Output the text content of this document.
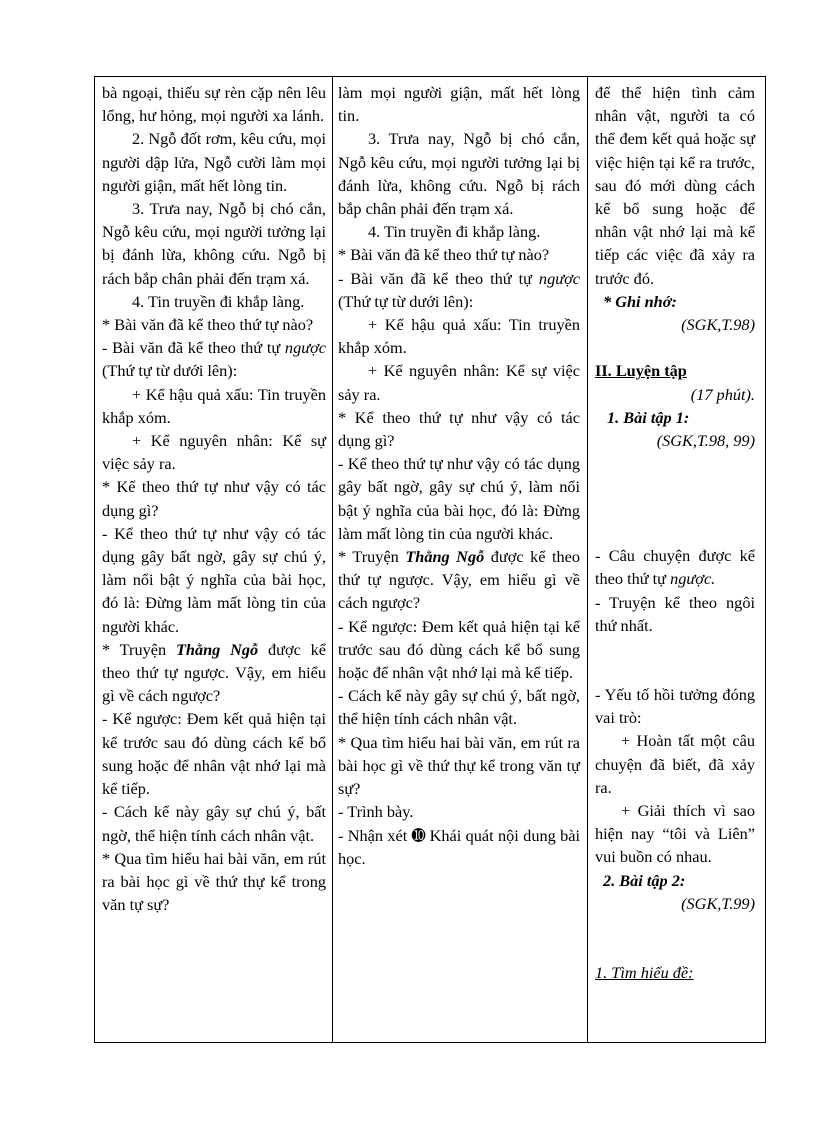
bà ngoại, thiếu sự rèn cặp nên lêu lổng, hư hỏng, mọi người xa lánh.

2. Ngỗ đốt rơm, kêu cứu, mọi người dập lửa, Ngỗ cười làm mọi người giận, mất hết lòng tin.

3. Trưa nay, Ngỗ bị chó cắn, Ngỗ kêu cứu, mọi người tưởng lại bị đánh lừa, không cứu. Ngỗ bị rách bắp chân phải đến trạm xá.

4. Tin truyền đi khắp làng.

* Bài văn đã kể theo thứ tự nào?

- Bài văn đã kể theo thứ tự ngược (Thứ tự từ dưới lên):

+ Kể hậu quả xấu: Tin truyền khắp xóm.

+ Kể nguyên nhân: Kể sự việc sảy ra.

* Kể theo thứ tự như vậy có tác dụng gì?

- Kể theo thứ tự như vậy có tác dụng gây bất ngờ, gây sự chú ý, làm nổi bật ý nghĩa của bài học, đó là: Đừng làm mất lòng tin của người khác.

* Truyện Thằng Ngỗ được kể theo thứ tự ngược. Vậy, em hiểu gì về cách ngược?

- Kể ngược: Đem kết quả hiện tại kể trước sau đó dùng cách kể bổ sung hoặc để nhân vật nhớ lại mà kể tiếp.

- Cách kể này gây sự chú ý, bất ngờ, thể hiện tính cách nhân vật.

* Qua tìm hiểu hai bài văn, em rút ra bài học gì về thứ thự kể trong văn tự sự?

làm mọi người giận, mất hết lòng tin.

3. Trưa nay, Ngỗ bị chó cắn, Ngỗ kêu cứu, mọi người tưởng lại bị đánh lừa, không cứu. Ngỗ bị rách bắp chân phải đến trạm xá.

4. Tin truyền đi khắp làng.

* Bài văn đã kể theo thứ tự nào?

- Bài văn đã kể theo thứ tự ngược (Thứ tự từ dưới lên):

+ Kể hậu quả xấu: Tin truyền khắp xóm.

+ Kể nguyên nhân: Kể sự việc sảy ra.

* Kể theo thứ tự như vậy có tác dụng gì?

- Kể theo thứ tự như vậy có tác dụng gây bất ngờ, gây sự chú ý, làm nổi bật ý nghĩa của bài học, đó là: Đừng làm mất lòng tin của người khác.

* Truyện Thằng Ngỗ được kể theo thứ tự ngược. Vậy, em hiểu gì về cách ngược?

- Kể ngược: Đem kết quả hiện tại kể trước sau đó dùng cách kể bổ sung hoặc để nhân vật nhớ lại mà kể tiếp.

- Cách kể này gây sự chú ý, bất ngờ, thể hiện tính cách nhân vật.

* Qua tìm hiểu hai bài văn, em rút ra bài học gì về thứ thự kể trong văn tự sự?

- Trình bày.

- Nhận xét ➓ Khái quát nội dung bài học.

để thể hiện tình cảm nhân vật, người ta có thể đem kết quả hoặc sự việc hiện tại kể ra trước, sau đó mới dùng cách kể bổ sung hoặc để nhân vật nhớ lại mà kể tiếp các việc đã xảy ra trước đó.

* Ghi nhớ:

(SGK,T.98)

II. Luyện tập

(17 phút).

1. Bài tập 1:

(SGK,T.98, 99)

- Câu chuyện được kể theo thứ tự ngược.

- Truyện kể theo ngôi thứ nhất.

- Yếu tố hồi tưởng đóng vai trò:

+ Hoàn tất một câu chuyện đã biết, đã xảy ra.

+ Giải thích vì sao hiện nay “tôi và Liên” vui buồn có nhau.

2. Bài tập 2:

(SGK,T.99)

1. Tìm hiểu đề:
